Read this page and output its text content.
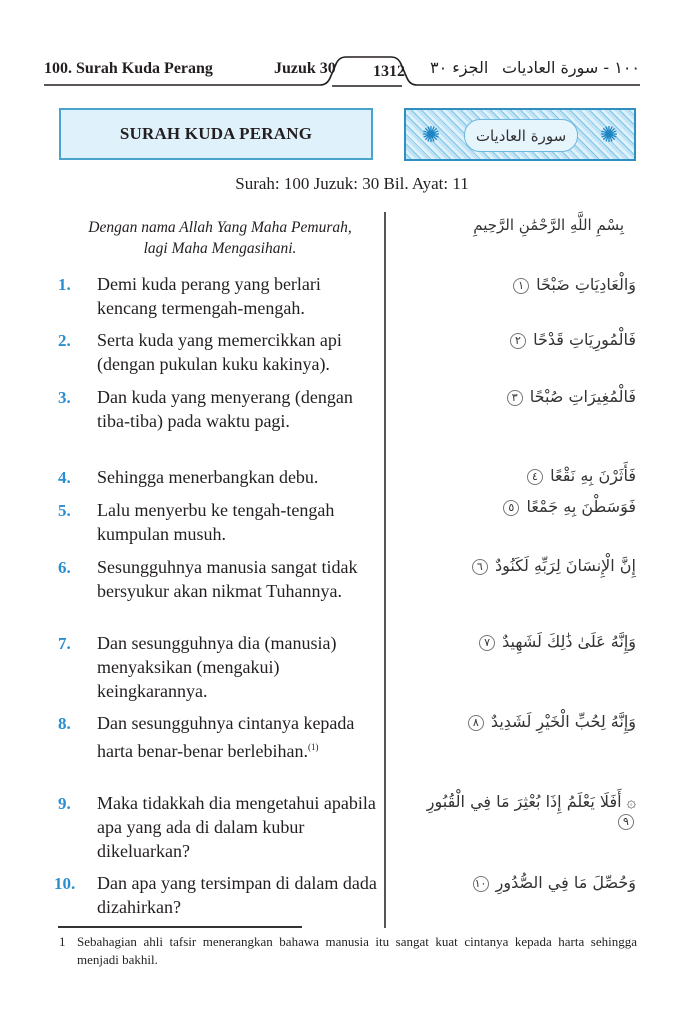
100. Surah Kuda Perang	Juzuk 30	1312	الجزء ٣٠ ١٠٠ - سورة العاديات
SURAH KUDA PERANG	✺	سورة العاديات	✺
Surah: 100 Juzuk: 30 Bil. Ayat: 11
Dengan nama Allah Yang Maha Pemurah,
lagi Maha Mengasihani.
بِسْمِ اللَّهِ الرَّحْمَٰنِ الرَّحِيمِ
1. Demi kuda perang yang berlari kencang termengah-mengah.
وَالْعَادِيَاتِ ضَبْحًا ١
2. Serta kuda yang memercikkan api (dengan pukulan kuku kakinya).
فَالْمُورِيَاتِ قَدْحًا ٢
3. Dan kuda yang menyerang (dengan tiba-tiba) pada waktu pagi.
فَالْمُغِيرَاتِ صُبْحًا ٣
4. Sehingga menerbangkan debu.	فَأَثَرْنَ بِهِ نَقْعًا ٤
5. Lalu menyerbu ke tengah-tengah kumpulan musuh.
فَوَسَطْنَ بِهِ جَمْعًا ٥
6. Sesungguhnya manusia sangat tidak bersyukur akan nikmat Tuhannya.
إِنَّ الْإِنسَانَ لِرَبِّهِ لَكَنُودٌ ٦
7. Dan sesungguhnya dia (manusia) menyaksikan (mengakui) keingkarannya.
وَإِنَّهُ عَلَىٰ ذَٰلِكَ لَشَهِيدٌ ٧
8. Dan sesungguhnya cintanya kepada harta benar-benar berlebihan.$^{(1)}$
وَإِنَّهُ لِحُبِّ الْخَيْرِ لَشَدِيدٌ ٨
9. Maka tidakkah dia mengetahui apabila apa yang ada di dalam kubur dikeluarkan?
۞ أَفَلَا يَعْلَمُ إِذَا بُعْثِرَ مَا فِي الْقُبُورِ ٩
10. Dan apa yang tersimpan di dalam dada dizahirkan?
وَحُصِّلَ مَا فِي الصُّدُورِ ١٠
1 Sebahagian ahli tafsir menerangkan bahawa manusia itu sangat kuat cintanya kepada harta sehingga menjadi bakhil.
